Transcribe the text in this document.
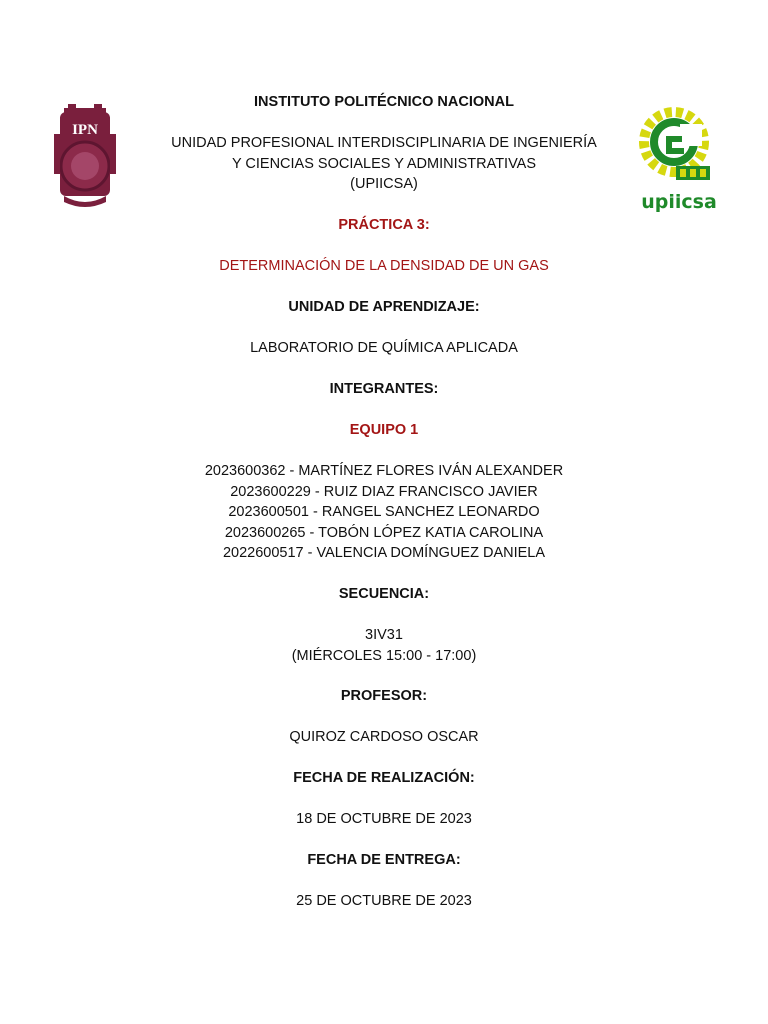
IPN
upiicsa
INSTITUTO POLITÉCNICO NACIONAL
UNIDAD PROFESIONAL INTERDISCIPLINARIA DE INGENIERÍA
Y CIENCIAS SOCIALES Y ADMINISTRATIVAS
(UPIICSA)
PRÁCTICA 3:
DETERMINACIÓN DE LA DENSIDAD DE UN GAS
UNIDAD DE APRENDIZAJE:
LABORATORIO DE QUÍMICA APLICADA
INTEGRANTES:
EQUIPO 1
2023600362 - MARTÍNEZ FLORES IVÁN ALEXANDER
2023600229 - RUIZ DIAZ FRANCISCO JAVIER
2023600501 - RANGEL SANCHEZ LEONARDO
2023600265 - TOBÓN LÓPEZ KATIA CAROLINA
2022600517 - VALENCIA DOMÍNGUEZ DANIELA
SECUENCIA:
3IV31
(MIÉRCOLES 15:00 - 17:00)
PROFESOR:
QUIROZ CARDOSO OSCAR
FECHA DE REALIZACIÓN:
18 DE OCTUBRE DE 2023
FECHA DE ENTREGA:
25 DE OCTUBRE DE 2023
